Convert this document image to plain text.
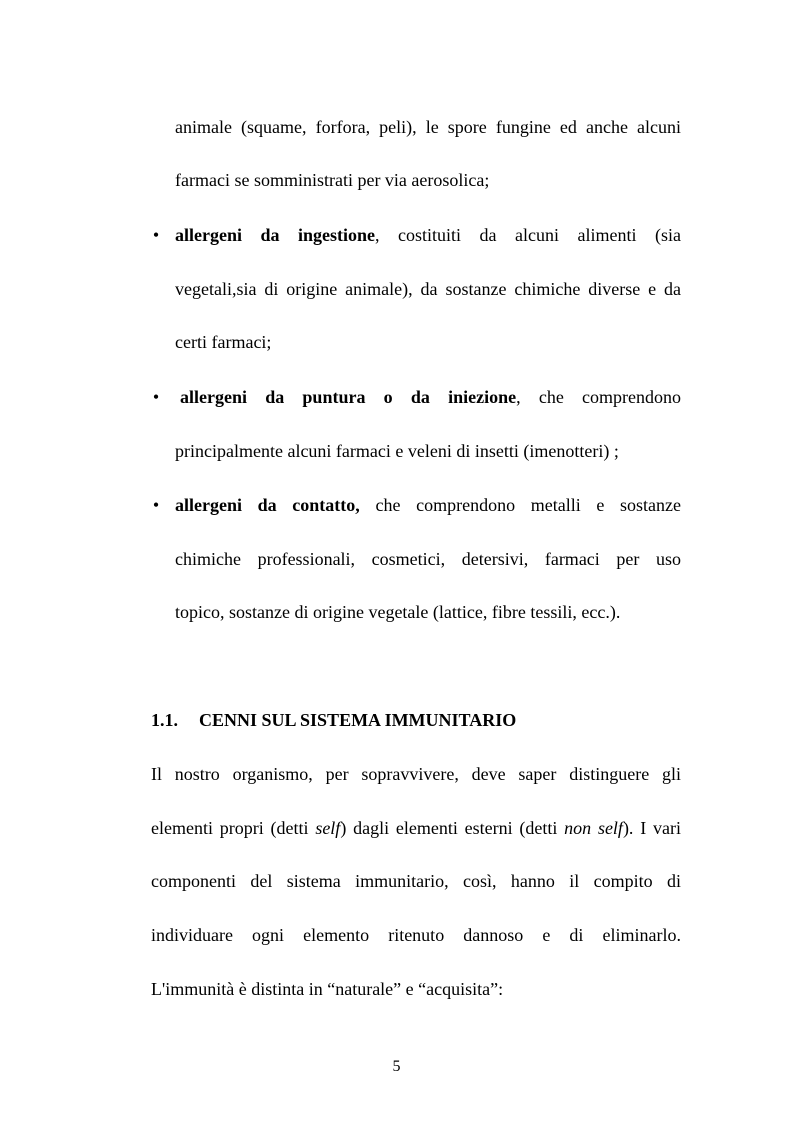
animale (squame, forfora, peli), le spore fungine ed anche alcuni
farmaci se somministrati per via aerosolica;
• allergeni da ingestione, costituiti da alcuni alimenti (sia
vegetali,sia di origine animale), da sostanze chimiche diverse e da
certi farmaci;
• allergeni da puntura o da iniezione, che comprendono
principalmente alcuni farmaci e veleni di insetti (imenotteri) ;
• allergeni da contatto, che comprendono metalli e sostanze
chimiche professionali, cosmetici, detersivi, farmaci per uso
topico, sostanze di origine vegetale (lattice, fibre tessili, ecc.).
1.1. CENNI SUL SISTEMA IMMUNITARIO
Il nostro organismo, per sopravvivere, deve saper distinguere gli
elementi propri (detti self) dagli elementi esterni (detti non self). I vari
componenti del sistema immunitario, così, hanno il compito di
individuare ogni elemento ritenuto dannoso e di eliminarlo.
L'immunità è distinta in “naturale” e “acquisita”:
5
